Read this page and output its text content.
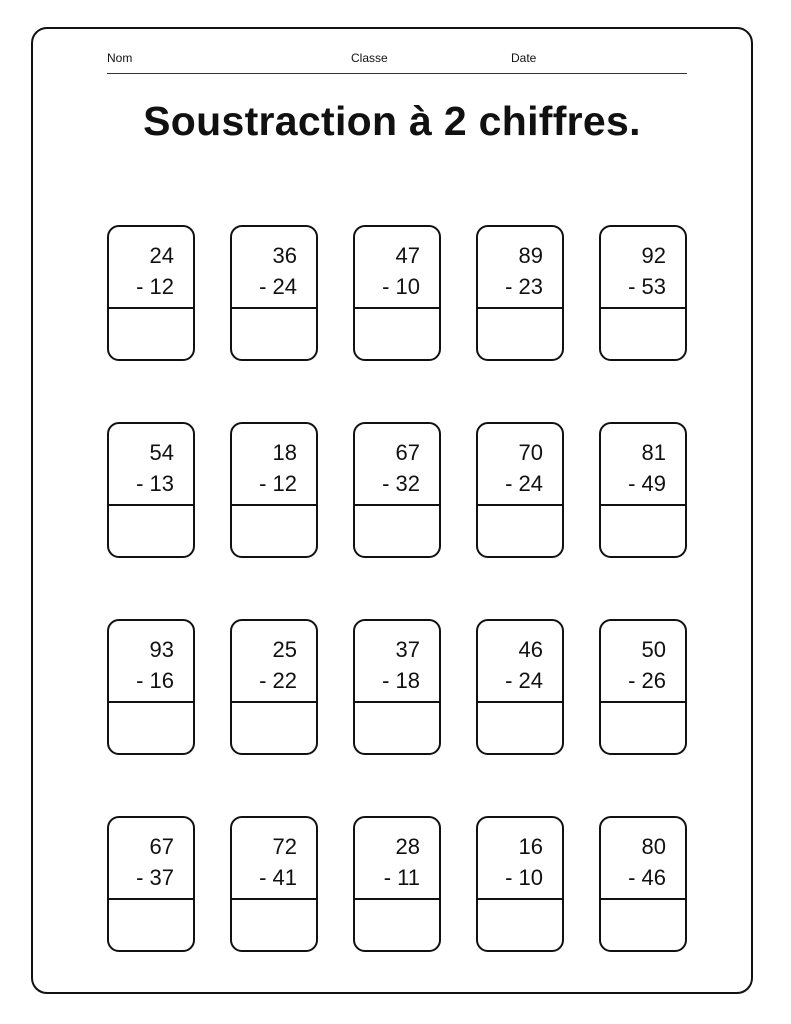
Nom	Classe	Date
Soustraction à 2 chiffres.
24
- 12
36
- 24
47
- 10
89
- 23
92
- 53
54
- 13
18
- 12
67
- 32
70
- 24
81
- 49
93
- 16
25
- 22
37
- 18
46
- 24
50
- 26
67
- 37
72
- 41
28
- 11
16
- 10
80
- 46
